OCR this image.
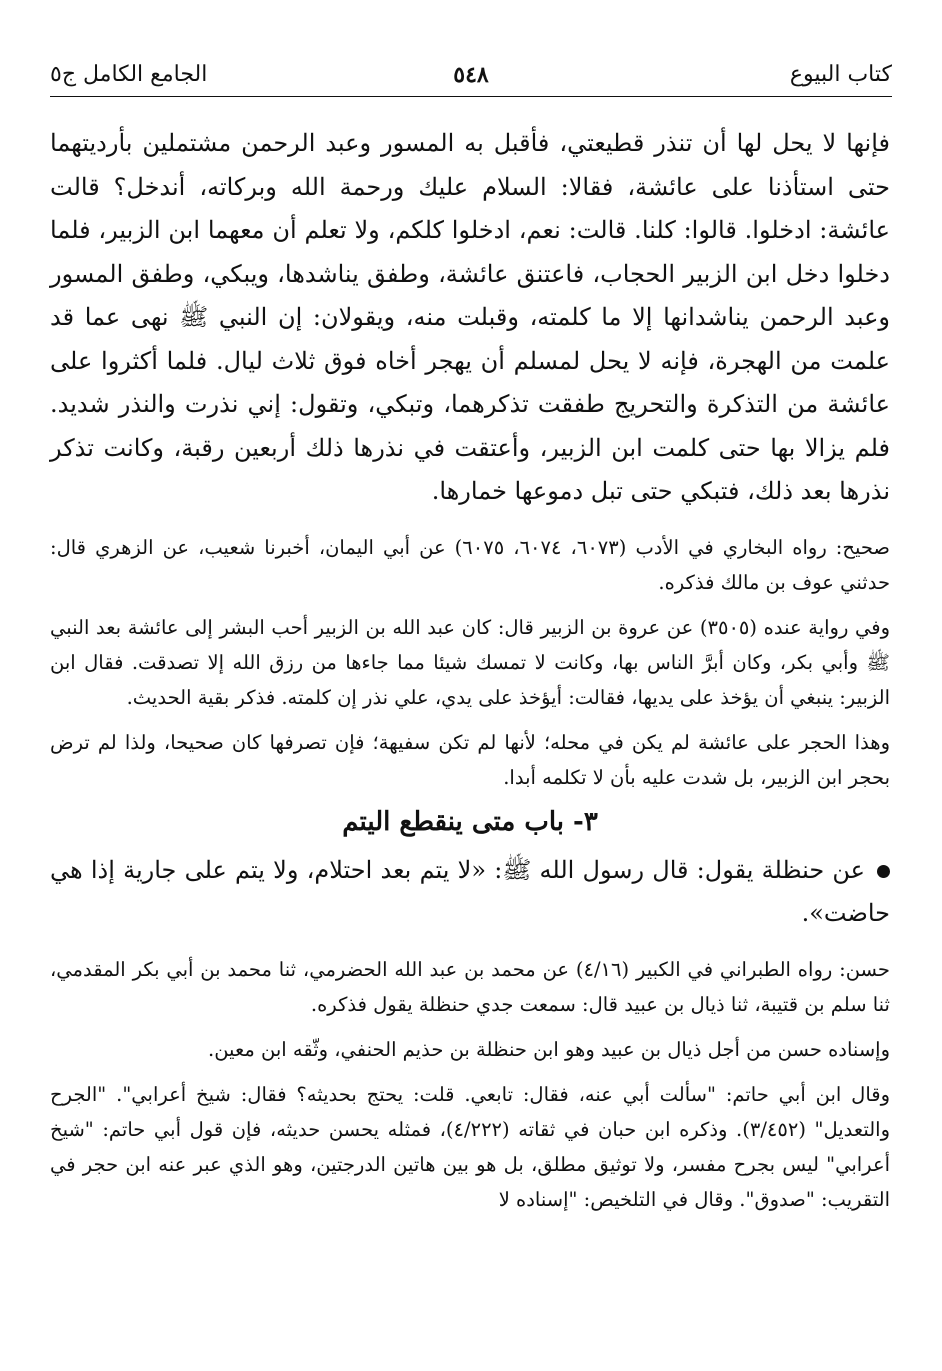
كتاب البيوع
٥٤٨
الجامع الكامل ج٥

فإنها لا يحل لها أن تنذر قطيعتي، فأقبل به المسور وعبد الرحمن مشتملين بأرديتهما حتى استأذنا على عائشة، فقالا: السلام عليك ورحمة الله وبركاته، أندخل؟ قالت عائشة: ادخلوا. قالوا: كلنا. قالت: نعم، ادخلوا كلكم، ولا تعلم أن معهما ابن الزبير، فلما دخلوا دخل ابن الزبير الحجاب، فاعتنق عائشة، وطفق يناشدها، ويبكي، وطفق المسور وعبد الرحمن يناشدانها إلا ما كلمته، وقبلت منه، ويقولان: إن النبي ﷺ نهى عما قد علمت من الهجرة، فإنه لا يحل لمسلم أن يهجر أخاه فوق ثلاث ليال. فلما أكثروا على عائشة من التذكرة والتحريج طفقت تذكرهما، وتبكي، وتقول: إني نذرت والنذر شديد. فلم يزالا بها حتى كلمت ابن الزبير، وأعتقت في نذرها ذلك أربعين رقبة، وكانت تذكر نذرها بعد ذلك، فتبكي حتى تبل دموعها خمارها.

صحيح: رواه البخاري في الأدب (٦٠٧٣، ٦٠٧٤، ٦٠٧٥) عن أبي اليمان، أخبرنا شعيب، عن الزهري قال: حدثني عوف بن مالك فذكره.

وفي رواية عنده (٣٥٠٥) عن عروة بن الزبير قال: كان عبد الله بن الزبير أحب البشر إلى عائشة بعد النبي ﷺ وأبي بكر، وكان أبرَّ الناس بها، وكانت لا تمسك شيئا مما جاءها من رزق الله إلا تصدقت. فقال ابن الزبير: ينبغي أن يؤخذ على يديها، فقالت: أيؤخذ على يدي، علي نذر إن كلمته. فذكر بقية الحديث.

وهذا الحجر على عائشة لم يكن في محله؛ لأنها لم تكن سفيهة؛ فإن تصرفها كان صحيحا، ولذا لم ترض بحجر ابن الزبير، بل شدت عليه بأن لا تكلمه أبدا.

٣- باب متى ينقطع اليتم

عن حنظلة يقول: قال رسول الله ﷺ: «لا يتم بعد احتلام، ولا يتم على جارية إذا هي حاضت».

حسن: رواه الطبراني في الكبير (٤/١٦) عن محمد بن عبد الله الحضرمي، ثنا محمد بن أبي بكر المقدمي، ثنا سلم بن قتيبة، ثنا ذيال بن عبيد قال: سمعت جدي حنظلة يقول فذكره.

وإسناده حسن من أجل ذيال بن عبيد وهو ابن حنظلة بن حذيم الحنفي، وثّقه ابن معين.

وقال ابن أبي حاتم: "سألت أبي عنه، فقال: تابعي. قلت: يحتج بحديثه؟ فقال: شيخ أعرابي". "الجرح والتعديل" (٣/٤٥٢). وذكره ابن حبان في ثقاته (٤/٢٢٢)، فمثله يحسن حديثه، فإن قول أبي حاتم: "شيخ أعرابي" ليس بجرح مفسر، ولا توثيق مطلق، بل هو بين هاتين الدرجتين، وهو الذي عبر عنه ابن حجر في التقريب: "صدوق". وقال في التلخيص: "إسناده لا
